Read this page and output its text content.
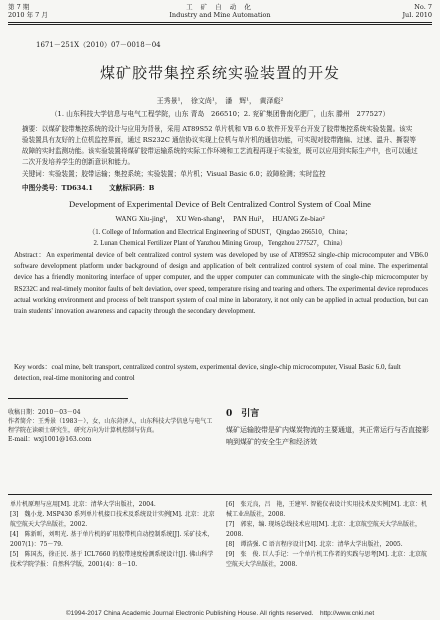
第 7 期
2010 年 7 月
工 矿 自 动 化
Industry and Mine Automation
No. 7
Jul. 2010
1671－251X（2010）07－0018－04
煤矿胶带集控系统实验装置的开发
王秀景¹，　徐文尚¹，　潘　辉¹，　黄泽彪²
（1. 山东科技大学信息与电气工程学院，山东 青岛　266510；2. 兖矿集团鲁南化肥厂，山东 滕州　277527）
摘要：以煤矿胶带集控系统的设计与应用为背景，采用 AT89S52 单片机和 VB 6.0 软件开发平台开发了胶带集控系统实验装置。该实验装置具有友好的上位机监控界面，通过 RS232C 通信协议实现上位机与单片机的通信功能，可实现对胶带跑偏、过速、温升、撕裂等故障的实时监测功能。该实验装置将煤矿胶带运输系统的实际工作环境和工艺流程再现于实验室，既可以应用到实际生产中，也可以通过二次开发培养学生的创新意识和能力。
关键词：实验装置；胶带运输；集控系统；实验装置；单片机；Visual Basic 6.0；故障检测；实时监控
中图分类号：TD634.1 文献标识码：B
Development of Experimental Device of Belt Centralized Control System of Coal Mine
WANG Xiu-jing¹，　XU Wen-shang¹，　PAN Hui¹，　HUANG Ze-biao²
（1. College of Information and Electrical Engineering of SDUST，Qingdao 266510，China；
2. Lunan Chemical Fertilizer Plant of Yanzhou Mining Group，Tengzhou 277527，China）
Abstract：An experimental device of belt centralized control system was developed by use of AT89S52 single-chip microcomputer and VB6.0 software development platform under background of design and application of belt centralized control system of coal mine. The experimental device has a friendly monitoring interface of upper computer, and the upper computer can communicate with the single-chip microcomputer by RS232C and real-timely monitor faults of belt deviation, over speed, temperature rising and tearing and others. The experimental device reproduces actual working environment and process of belt transport system of coal mine in laboratory, it not only can be applied in actual production, but can train students' innovation awareness and capacity through the secondary development.
Key words：coal mine, belt transport, centralized control system, experimental device, single-chip microcomputer, Visual Basic 6.0, fault detection, real-time monitoring and control
收稿日期：2010－03－04
作者简介：王秀景（1983－），女，山东菏泽人，山东科技大学信息与电气工程学院在读硕士研究生，研究方向为计算机控制与仿真。
E-mail：wxj1001@163.com
0　引言
煤矿运输胶带是矿内煤炭物流的主要通道，其正常运行与否直接影响到煤矿的安全生产和经济效
单片机原理与应用[M]. 北京：清华大学出版社，2004.
[3]　魏小龙. MSP430 系列单片机接口技术及系统设计实例[M]. 北京：北京航空航天大学出版社，2002.
[4]　陈新昕，刘明光. 基于单片机的矿用胶带机自动控制系统[J]. 采矿技术，2007(1)：75－79.
[5]　陈国杰，徐正民. 基于 ICL7660 的胶带速度检测系统设计[J]. 佛山科学技术学院学报：自然科学版，2001(4)：8－10.
[6]　张元良，吕　艳，王建军. 智能仪表设计实用技术及实例[M]. 北京：机械工业出版社，2008.
[7]　郭宏，编. 现场总线技术应用[M]. 北京：北京航空航天大学出版社，2008.
[8]　谭浩强. C 语言程序设计[M]. 北京：清华大学出版社，2005.
[9]　张　俊. 巨人手记：一个单片机工作者的实践与思考[M]. 北京：北京航空航天大学出版社，2008.
©1994-2017 China Academic Journal Electronic Publishing House. All rights reserved.　http://www.cnki.net
